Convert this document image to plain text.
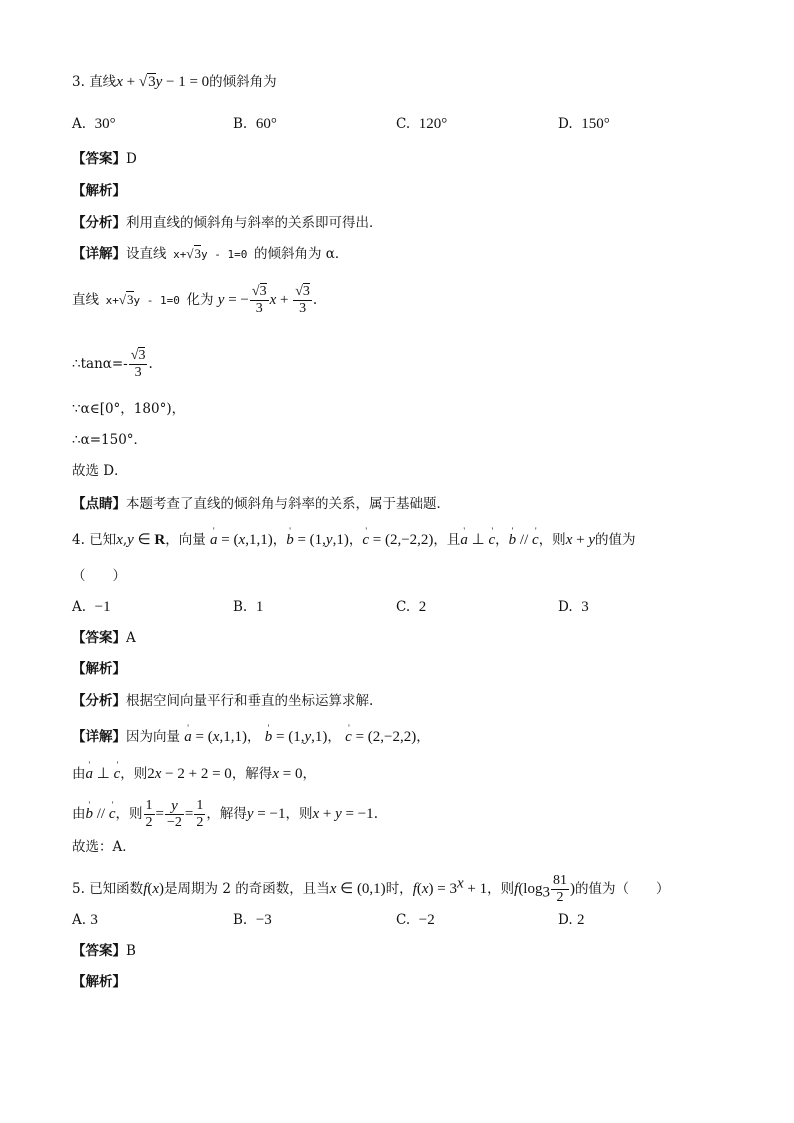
3. 直线x + √3y − 1 = 0的倾斜角为
A. 30°	B. 60°	C. 120°	D. 150°
【答案】D
【解析】
【分析】利用直线的倾斜角与斜率的关系即可得出．
【详解】设直线 x+√3y - 1=0 的倾斜角为 α．
直线 x+√3y - 1=0 化为 y = − $\frac{√3}{3}$ $x + \frac{√3}{3}$ .
∴tanα=- $\frac{√3}{3}$ .
∵α∈[0°，180°)，
∴α=150°．
故选 D．
【点睛】本题考查了直线的倾斜角与斜率的关系，属于基础题．
4. 已知x,y ∈ R，向量 ' a = (x,1,1)，' b = (1,y,1)，' c = (2,−2,2)，且' a ⊥ ' c，' b // ' c，则x + y的值为
（　　）
A. −1	B. 1	C. 2	D. 3
【答案】A
【解析】
【分析】根据空间向量平行和垂直的坐标运算求解.
【详解】因为向量 ' a = (x,1,1)， ' b = (1,y,1)， ' c = (2,−2,2)，
由' a ⊥ ' c，则2x − 2 + 2 = 0，解得x = 0，
由' b // ' c，则 $\frac{1}{2} = \frac{y}{-2} = \frac{1}{2}$ ，解得y = −1，则x + y = −1.
故选：A．
5. 已知函数f(x)是周期为 2 的奇函数，且当x ∈ (0,1)时，$f(x) = 3^x + 1$，则$f(\log_3 \frac{81}{2}$ )的值为（　　）
A. 3	B. −3	C. −2	D. 2
【答案】B
【解析】
